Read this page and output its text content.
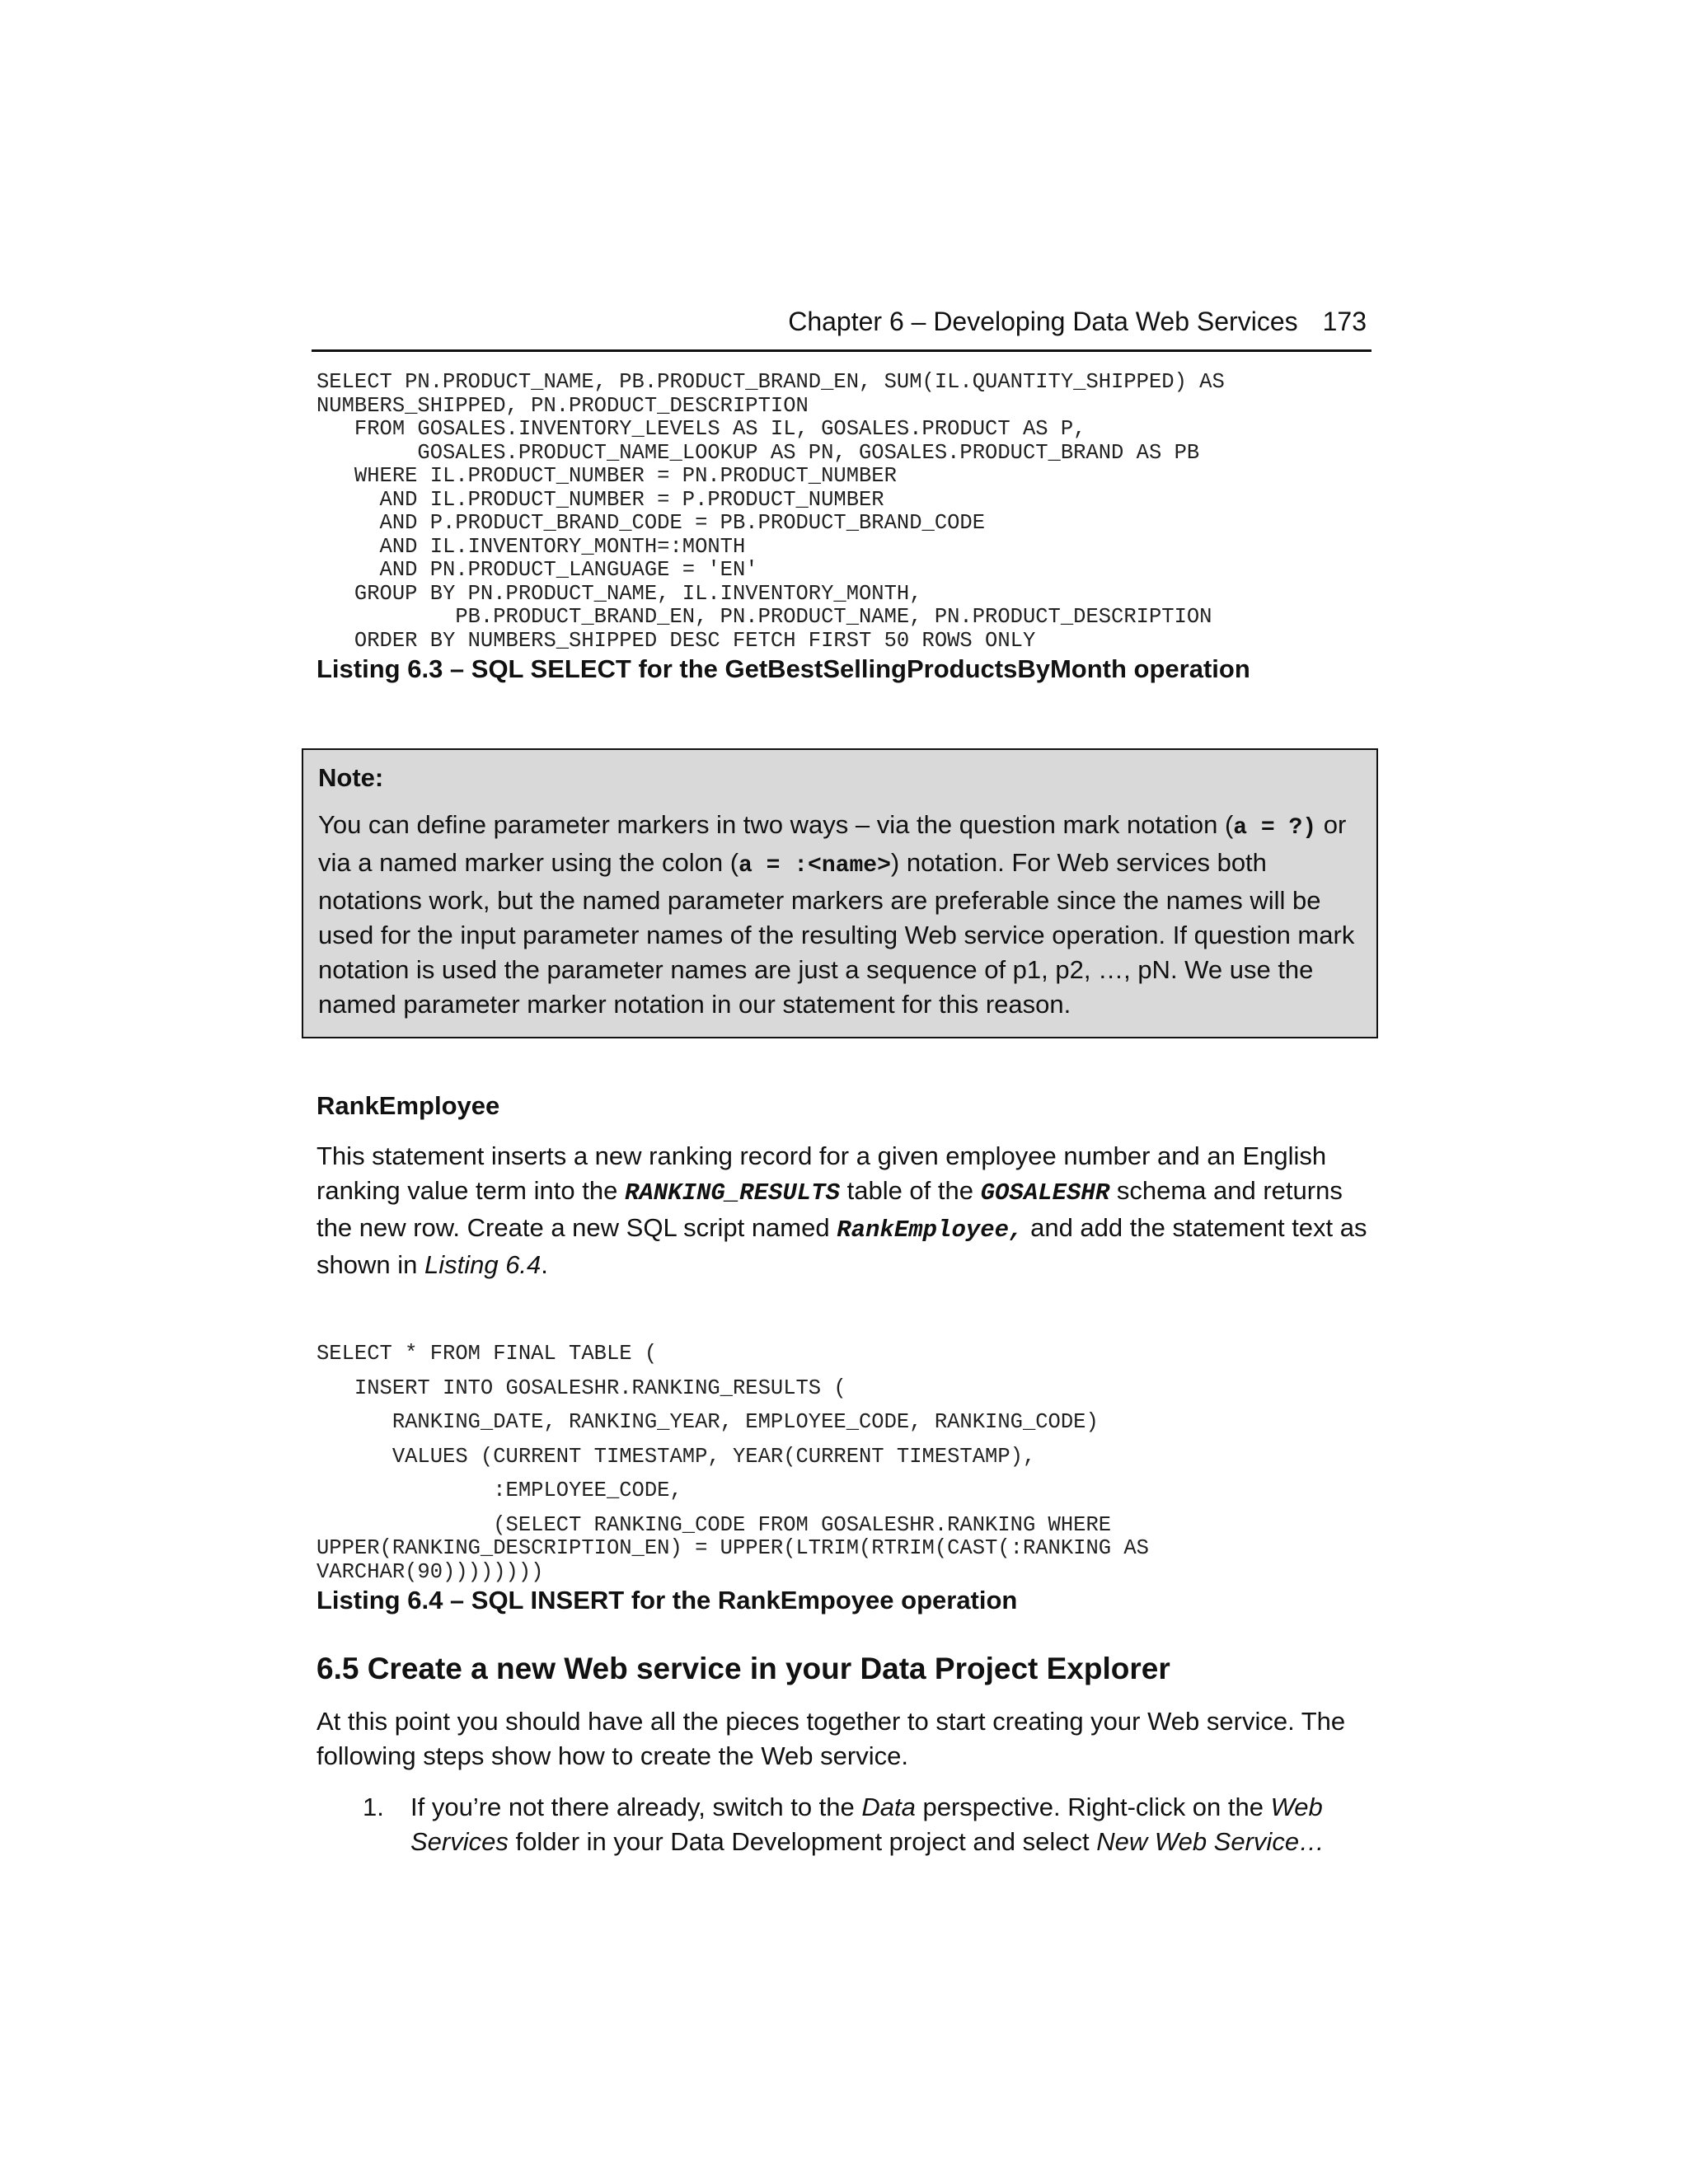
Chapter 6 – Developing Data Web Services 173
SELECT PN.PRODUCT_NAME, PB.PRODUCT_BRAND_EN, SUM(IL.QUANTITY_SHIPPED) AS
NUMBERS_SHIPPED, PN.PRODUCT_DESCRIPTION
FROM GOSALES.INVENTORY_LEVELS AS IL, GOSALES.PRODUCT AS P,
GOSALES.PRODUCT_NAME_LOOKUP AS PN, GOSALES.PRODUCT_BRAND AS PB
WHERE IL.PRODUCT_NUMBER = PN.PRODUCT_NUMBER
AND IL.PRODUCT_NUMBER = P.PRODUCT_NUMBER
AND P.PRODUCT_BRAND_CODE = PB.PRODUCT_BRAND_CODE
AND IL.INVENTORY_MONTH=:MONTH
AND PN.PRODUCT_LANGUAGE = 'EN'
GROUP BY PN.PRODUCT_NAME, IL.INVENTORY_MONTH,
PB.PRODUCT_BRAND_EN, PN.PRODUCT_NAME, PN.PRODUCT_DESCRIPTION
ORDER BY NUMBERS_SHIPPED DESC FETCH FIRST 50 ROWS ONLY

Listing 6.3 – SQL SELECT for the GetBestSellingProductsByMonth operation

Note:

You can define parameter markers in two ways – via the question mark notation (a = ?) or via a named marker using the colon (a = :<name>) notation. For Web services both notations work, but the named parameter markers are preferable since the names will be used for the input parameter names of the resulting Web service operation. If question mark notation is used the parameter names are just a sequence of p1, p2, …, pN. We use the named parameter marker notation in our statement for this reason.

RankEmployee

This statement inserts a new ranking record for a given employee number and an English ranking value term into the RANKING_RESULTS table of the GOSALESHR schema and returns the new row. Create a new SQL script named RankEmployee, and add the statement text as shown in Listing 6.4.

SELECT * FROM FINAL TABLE (
INSERT INTO GOSALESHR.RANKING_RESULTS (
RANKING_DATE, RANKING_YEAR, EMPLOYEE_CODE, RANKING_CODE)
VALUES (CURRENT TIMESTAMP, YEAR(CURRENT TIMESTAMP),
:EMPLOYEE_CODE,
(SELECT RANKING_CODE FROM GOSALESHR.RANKING WHERE
UPPER(RANKING_DESCRIPTION_EN) = UPPER(LTRIM(RTRIM(CAST(:RANKING AS
VARCHAR(90))))))))

Listing 6.4 – SQL INSERT for the RankEmpoyee operation

6.5 Create a new Web service in your Data Project Explorer

At this point you should have all the pieces together to start creating your Web service. The following steps show how to create the Web service.

1. If you’re not there already, switch to the Data perspective. Right-click on the Web Services folder in your Data Development project and select New Web Service…
